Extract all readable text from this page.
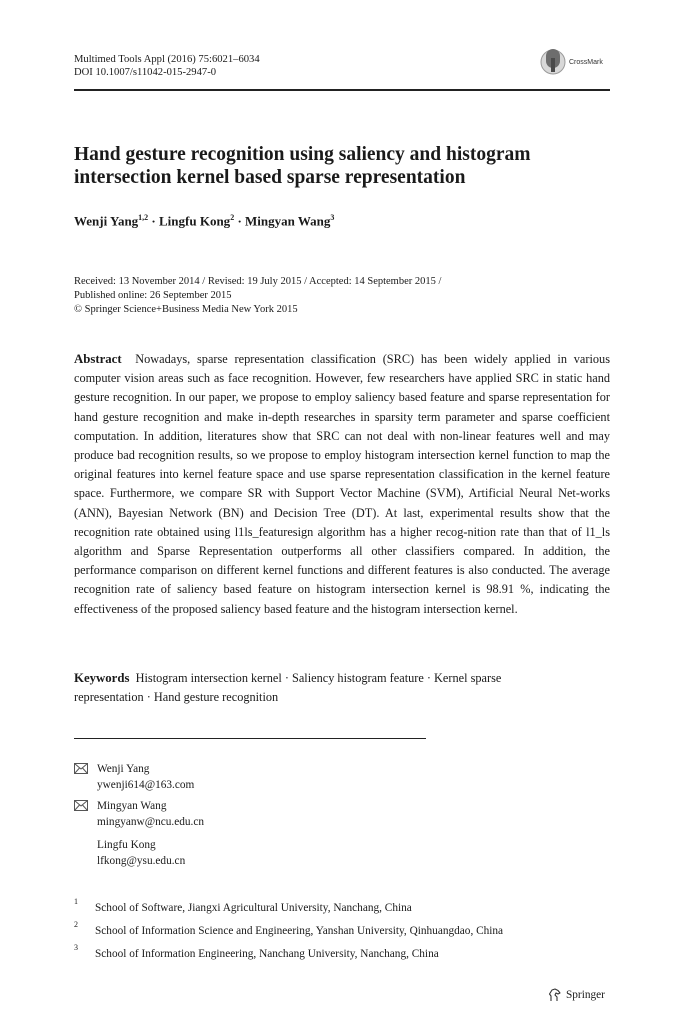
Multimed Tools Appl (2016) 75:6021–6034
DOI 10.1007/s11042-015-2947-0
CrossMark
Hand gesture recognition using saliency and histogram
intersection kernel based sparse representation
Wenji Yang$^{1,2}$ · Lingfu Kong$^2$ · Mingyan Wang$^3$
Received: 13 November 2014 / Revised: 19 July 2015 / Accepted: 14 September 2015 /
Published online: 26 September 2015
© Springer Science+Business Media New York 2015
Abstract Nowadays, sparse representation classification (SRC) has been widely applied in various computer vision areas such as face recognition. However, few researchers have applied SRC in static hand gesture recognition. In our paper, we propose to employ saliency based feature and sparse representation for hand gesture recognition and make in-depth researches in sparsity term parameter and sparse coefficient computation. In addition, literatures show that SRC can not deal with non-linear features well and may produce bad recognition results, so we propose to employ histogram intersection kernel function to map the original features into kernel feature space and use sparse representation classification in the kernel feature space. Furthermore, we compare SR with Support Vector Machine (SVM), Artificial Neural Net-works (ANN), Bayesian Network (BN) and Decision Tree (DT). At last, experimental results show that the recognition rate obtained using l1ls_featuresign algorithm has a higher recog-nition rate than that of l1_ls algorithm and Sparse Representation outperforms all other classifiers compared. In addition, the performance comparison on different kernel functions and different features is also conducted. The average recognition rate of saliency based feature on histogram intersection kernel is 98.91 %, indicating the effectiveness of the proposed saliency based feature and the histogram intersection kernel.
Keywords Histogram intersection kernel · Saliency histogram feature · Kernel sparse representation · Hand gesture recognition
Wenji Yang
ywenji614@163.com
Mingyan Wang
mingyanw@ncu.edu.cn
Lingfu Kong
lfkong@ysu.edu.cn
1
School of Software, Jiangxi Agricultural University, Nanchang, China
2
School of Information Science and Engineering, Yanshan University, Qinhuangdao, China
3
School of Information Engineering, Nanchang University, Nanchang, China
Springer
